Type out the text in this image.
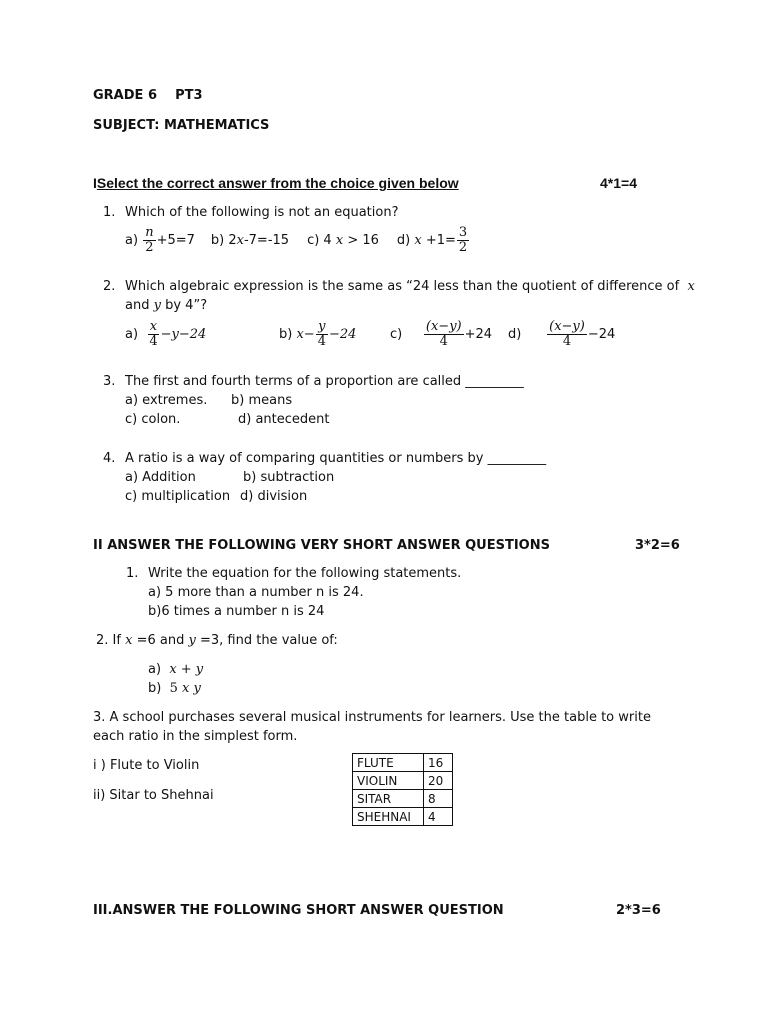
GRADE 6 PT3
SUBJECT: MATHEMATICS
ISelect the correct answer from the choice given below	4*1=4
1. Which of the following is not an equation?
a)
$\frac{n}{2} +5=7$ b) 2 x -7=-15 c) 4
x
> 16 d)
x
$+1= \frac{3}{2}$
2. Which algebraic expression is the same as “24 less than the quotient of difference of x
and y by 4”?
a)
$\frac{x}{4} -y-24$	b)
$x- \frac{y}{4} -24$	c)
$\frac{(x-y)}{4} +24$ d)
$\frac{(x-y)}{4} -24$
3. The first and fourth terms of a proportion are called _________
a) extremes. b) means
c) colon.	d) antecedent
4. A ratio is a way of comparing quantities or numbers by _________
a) Addition	b) subtraction
c) multiplication d) division
II ANSWER THE FOLLOWING VERY SHORT ANSWER QUESTIONS	3*2=6
1. Write the equation for the following statements.
a) 5 more than a number n is 24.
b)6 times a number n is 24
2. If x =6 and y =3, find the value of:
a) x + y
b) 5 x y
3. A school purchases several musical instruments for learners. Use the table to write
each ratio in the simplest form.
i ) Flute to Violin
ii) Sitar to Shehnai
FLUTE	16
VIOLIN	20
SITAR	8
SHEHNAI	4
III.ANSWER THE FOLLOWING SHORT ANSWER QUESTION	2*3=6
